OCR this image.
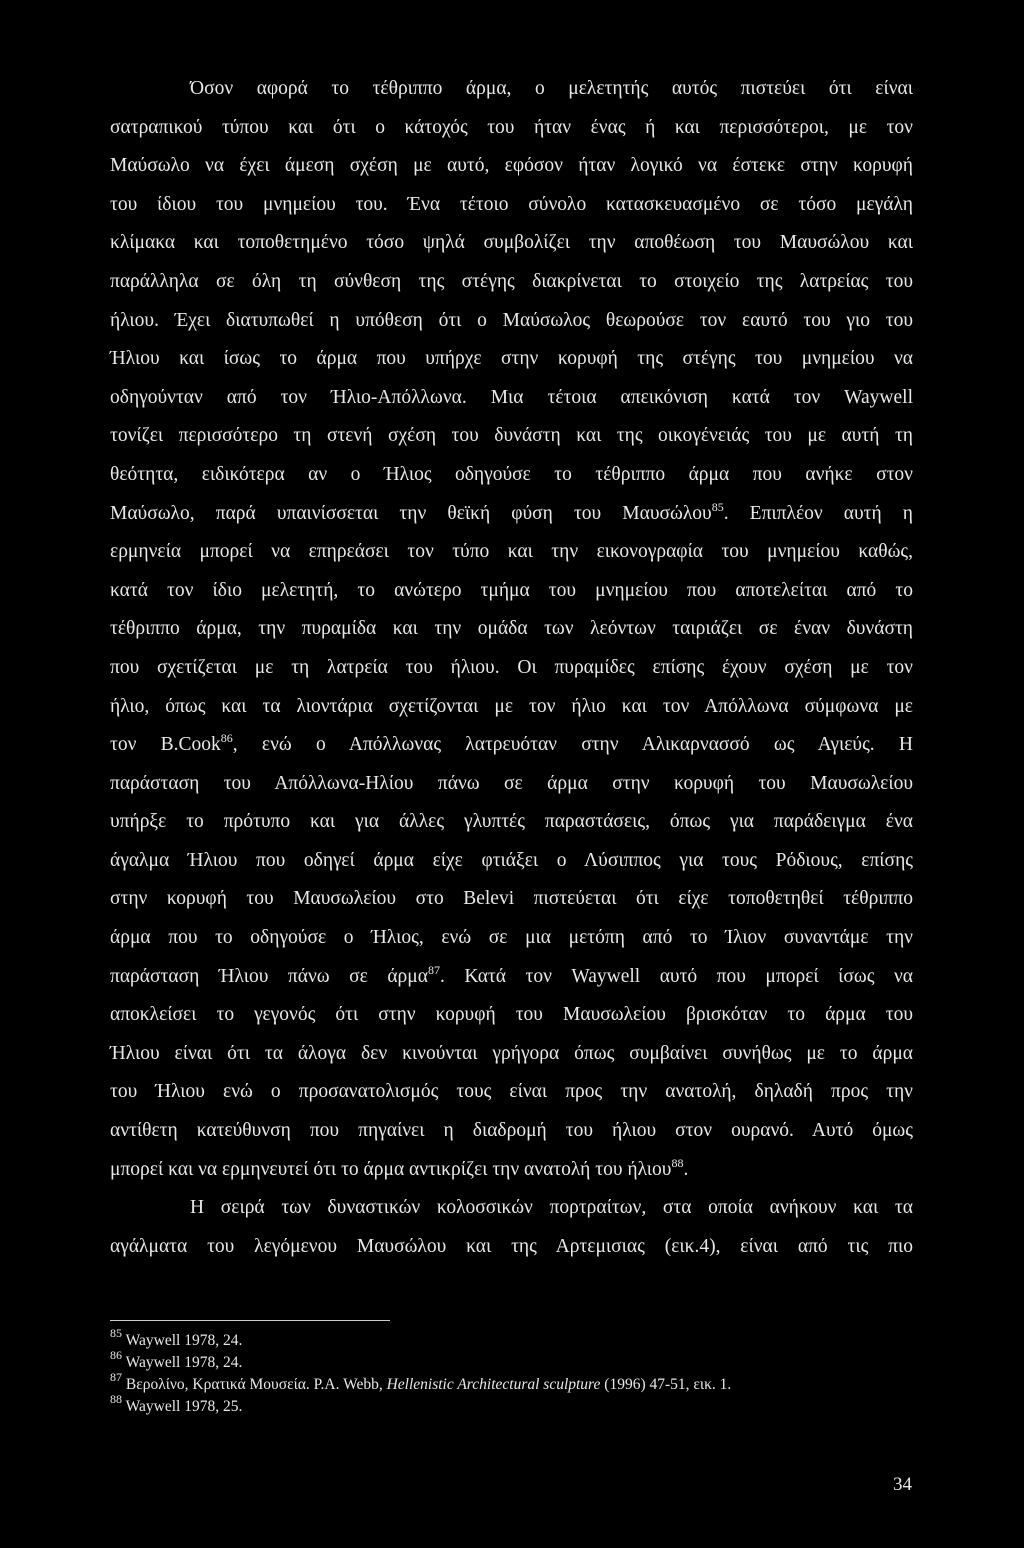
Όσον αφορά το τέθριππο άρμα, ο μελετητής αυτός πιστεύει ότι είναι
σατραπικού τύπου και ότι ο κάτοχός του ήταν ένας ή και περισσότεροι, με τον
Μαύσωλο να έχει άμεση σχέση με αυτό, εφόσον ήταν λογικό να έστεκε στην κορυφή
του ίδιου του μνημείου του. Ένα τέτοιο σύνολο κατασκευασμένο σε τόσο μεγάλη
κλίμακα και τοποθετημένο τόσο ψηλά συμβολίζει την αποθέωση του Μαυσώλου και
παράλληλα σε όλη τη σύνθεση της στέγης διακρίνεται το στοιχείο της λατρείας του
ήλιου. Έχει διατυπωθεί η υπόθεση ότι ο Μαύσωλος θεωρούσε τον εαυτό του γιο του
Ήλιου και ίσως το άρμα που υπήρχε στην κορυφή της στέγης του μνημείου να
οδηγούνταν από τον Ήλιο-Απόλλωνα. Μια τέτοια απεικόνιση κατά τον Waywell
τονίζει περισσότερο τη στενή σχέση του δυνάστη και της οικογένειάς του με αυτή τη
θεότητα, ειδικότερα αν ο Ήλιος οδηγούσε το τέθριππο άρμα που ανήκε στον
Μαύσωλο, παρά υπαινίσσεται την θεϊκή φύση του Μαυσώλου$^{85}$. Επιπλέον αυτή η
ερμηνεία μπορεί να επηρεάσει τον τύπο και την εικονογραφία του μνημείου καθώς,
κατά τον ίδιο μελετητή, το ανώτερο τμήμα του μνημείου που αποτελείται από το
τέθριππο άρμα, την πυραμίδα και την ομάδα των λεόντων ταιριάζει σε έναν δυνάστη
που σχετίζεται με τη λατρεία του ήλιου. Οι πυραμίδες επίσης έχουν σχέση με τον
ήλιο, όπως και τα λιοντάρια σχετίζονται με τον ήλιο και τον Απόλλωνα σύμφωνα με
τον B.Cook$^{86}$, ενώ ο Απόλλωνας λατρευόταν στην Αλικαρνασσό ως Αγιεύς. Η
παράσταση του Απόλλωνα-Ηλίου πάνω σε άρμα στην κορυφή του Μαυσωλείου
υπήρξε το πρότυπο και για άλλες γλυπτές παραστάσεις, όπως για παράδειγμα ένα
άγαλμα Ήλιου που οδηγεί άρμα είχε φτιάξει ο Λύσιππος για τους Ρόδιους, επίσης
στην κορυφή του Μαυσωλείου στο Belevi πιστεύεται ότι είχε τοποθετηθεί τέθριππο
άρμα που το οδηγούσε ο Ήλιος, ενώ σε μια μετόπη από το Ίλιον συναντάμε την
παράσταση Ήλιου πάνω σε άρμα$^{87}$. Κατά τον Waywell αυτό που μπορεί ίσως να
αποκλείσει το γεγονός ότι στην κορυφή του Μαυσωλείου βρισκόταν το άρμα του
Ήλιου είναι ότι τα άλογα δεν κινούνται γρήγορα όπως συμβαίνει συνήθως με το άρμα
του Ήλιου ενώ ο προσανατολισμός τους είναι προς την ανατολή, δηλαδή προς την
αντίθετη κατεύθυνση που πηγαίνει η διαδρομή του ήλιου στον ουρανό. Αυτό όμως
μπορεί και να ερμηνευτεί ότι το άρμα αντικρίζει την ανατολή του ήλιου$^{88}$.
Η σειρά των δυναστικών κολοσσικών πορτραίτων, στα οποία ανήκουν και τα
αγάλματα του λεγόμενου Μαυσώλου και της Αρτεμισιας (εικ.4), είναι από τις πιο
$^{85}$ Waywell 1978, 24.
$^{86}$ Waywell 1978, 24.
$^{87}$ Βερολίνο, Κρατικά Μουσεία. P.A. Webb, Hellenistic Architectural sculpture (1996) 47-51, εικ. 1.
$^{88}$ Waywell 1978, 25.
34
